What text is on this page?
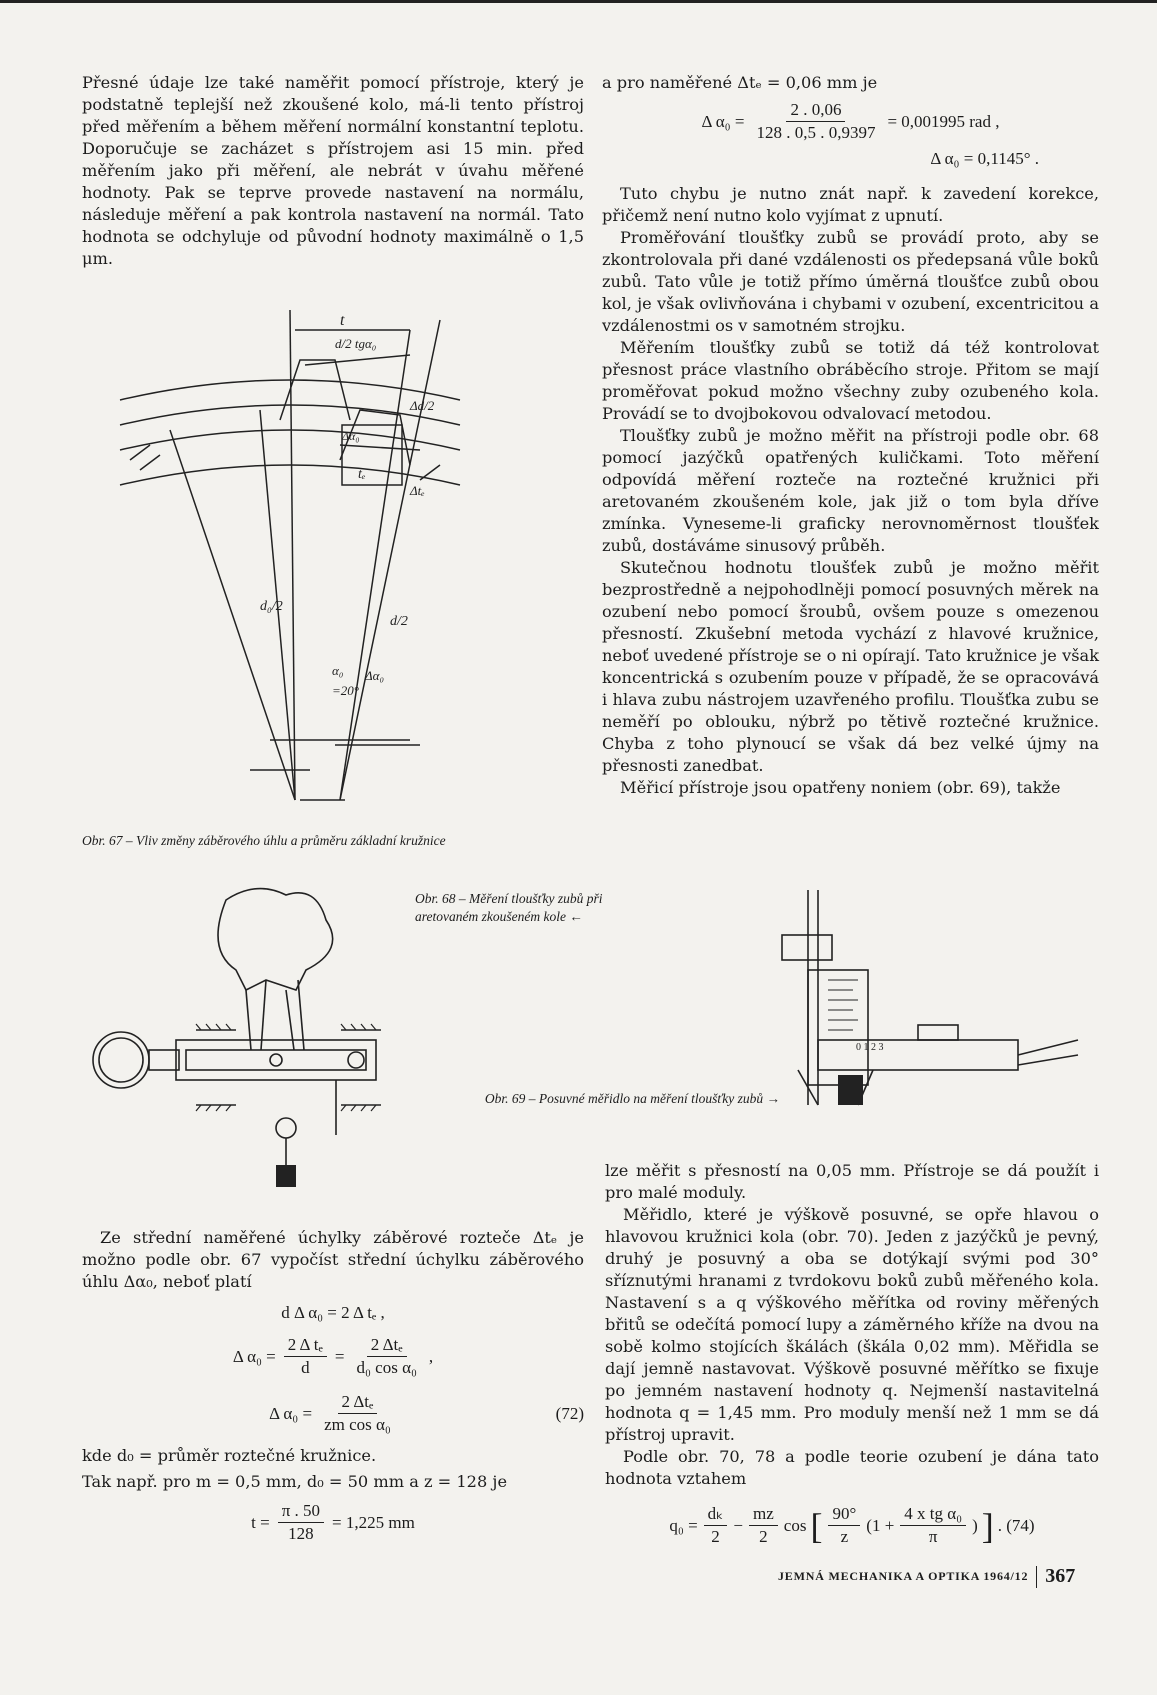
Přesné údaje lze také naměřit pomocí přístroje, který je podstatně teplejší než zkoušené kolo, má-li tento přístroj před měřením a během měření normální konstantní teplotu. Doporučuje se zacházet s přístrojem asi 15 min. před měřením jako při měření, ale nebrát v úvahu měřené hodnoty. Pak se teprve provede nastavení na normálu, následuje měření a pak kontrola nastavení na normál. Tato hodnota se odchyluje od původní hodnoty maximálně o 1,5 μm.

t
d/2 tgα₀
Δd/2
tₑ
Δtₑ
Δα₀
d₀/2
d/2
α₀
=20°
Δα₀
Obr. 67 – Vliv změny záběrového úhlu a průměru základní kružnice
Obr. 68 – Měření tloušťky zubů při aretovaném zkoušeném kole ←
0 1 2 3
Obr. 69 – Posuvné měřidlo na měření tloušťky zubů →

Ze střední naměřené úchylky záběrové rozteče Δtₑ je možno podle obr. 67 vypočíst střední úchylku záběrového úhlu Δα₀, neboť platí

d Δ α₀ = 2 Δ tₑ ,
Δ $\alpha_0 = \frac{\text{2 Δ tₑ}}{d} = \frac{\text{2 Δtₑ}}{\text{d₀ cos α₀}}$ ,
Δ $\alpha_0 = \frac{\text{2 Δtₑ}}{\text{zm cos α₀}}$	(72)

kde d₀ = průměr roztečné kružnice.

Tak např. pro m = 0,5 mm, d₀ = 50 mm a z = 128 je

$t = \frac{\pi . 50}{128} = 1,225$ mm

a pro naměřené Δtₑ = 0,06 mm je

Δ $\alpha_0 = \frac{2 . 0,06}{128 . 0,5 . 0,9397} = 0,001995$ rad ,
Δ α₀ = 0,1145° .

Tuto chybu je nutno znát např. k zavedení korekce, přičemž není nutno kolo vyjímat z upnutí.

Proměřování tloušťky zubů se provádí proto, aby se zkontrolovala při dané vzdálenosti os předepsaná vůle boků zubů. Tato vůle je totiž přímo úměrná tloušťce zubů obou kol, je však ovlivňována i chybami v ozubení, excentricitou a vzdálenostmi os v samotném strojku.

Měřením tloušťky zubů se totiž dá též kontrolovat přesnost práce vlastního obráběcího stroje. Přitom se mají proměřovat pokud možno všechny zuby ozubeného kola. Provádí se to dvojbokovou odvalovací metodou.

Tloušťky zubů je možno měřit na přístroji podle obr. 68 pomocí jazýčků opatřených kuličkami. Toto měření odpovídá měření rozteče na roztečné kružnici při aretovaném zkoušeném kole, jak již o tom byla dříve zmínka. Vyneseme-li graficky nerovnoměrnost tloušťek zubů, dostáváme sinusový průběh.

Skutečnou hodnotu tloušťek zubů je možno měřit bezprostředně a nejpohodlněji pomocí posuvných měrek na ozubení nebo pomocí šroubů, ovšem pouze s omezenou přesností. Zkušební metoda vychází z hlavové kružnice, neboť uvedené přístroje se o ni opírají. Tato kružnice je však koncentrická s ozubením pouze v případě, že se opracovává i hlava zubu nástrojem uzavřeného profilu. Tloušťka zubu se neměří po oblouku, nýbrž po tětivě roztečné kružnice. Chyba z toho plynoucí se však dá bez velké újmy na přesnosti zanedbat.

Měřicí přístroje jsou opatřeny noniem (obr. 69), takže

lze měřit s přesností na 0,05 mm. Přístroje se dá použít i pro malé moduly.

Měřidlo, které je výškově posuvné, se opře hlavou o hlavovou kružnici kola (obr. 70). Jeden z jazýčků je pevný, druhý je posuvný a oba se dotýkají svými pod 30° sříznutými hranami z tvrdokovu boků zubů měřeného kola. Nastavení s a q výškového měřítka od roviny měřených břitů se odečítá pomocí lupy a záměrného kříže na dvou na sobě kolmo stojících škálách (škála 0,02 mm). Měřidla se dají jemně nastavovat. Výškově posuvné měřítko se fixuje po jemném nastavení hodnoty q. Nejmenší nastavitelná hodnota q = 1,45 mm. Pro moduly menší než 1 mm se dá přístroj upravit.

Podle obr. 70, 78 a podle teorie ozubení je dána tato hodnota vztahem

$q_0 = \frac{\text{dₖ}}{2} - \frac{mz}{2}$ cos [ $\frac{90^\circ}{z} (1 + \frac{\text{4 x tg α₀}}{\pi}$ ) ] . (74)
JEMNÁ MECHANIKA A OPTIKA 1964/12 367
